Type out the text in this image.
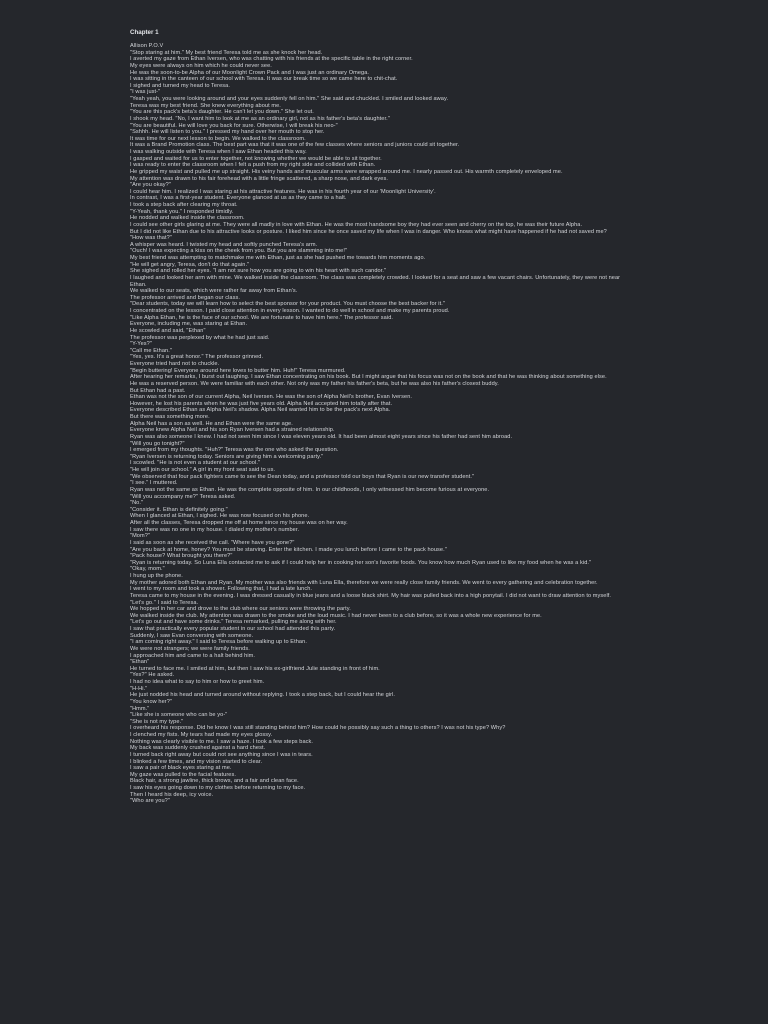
Chapter 1

Allison P.O.V

"Stop staring at him." My best friend Teresa told me as she knock her head.

I averted my gaze from Ethan Iversen, who was chatting with his friends at the specific table in the right corner.

My eyes were always on him which he could never see.

He was the soon-to-be Alpha of our Moonlight Crown Pack and I was just an ordinary Omega.

I was sitting in the canteen of our school with Teresa. It was our break time so we came here to chit-chat.

I sighed and turned my head to Teresa.

"I was just-"

"Yeah yeah, you were looking around and your eyes suddenly fell on him." She said and chuckled. I smiled and looked away.

Teresa was my best friend. She knew everything about me.

"You are this pack's beta's daughter. He can't let you down." She let out.

I shook my head. "No, I want him to look at me as an ordinary girl, not as his father's beta's daughter."

"You are beautiful. He will love you back for sure. Otherwise, I will break his neo-"

"Sshhh. He will listen to you." I pressed my hand over her mouth to stop her.

It was time for our next lesson to begin. We walked to the classroom.

It was a Brand Promotion class. The best part was that it was one of the few classes where seniors and juniors could sit together.

I was walking outside with Teresa when I saw Ethan headed this way.

I gasped and waited for us to enter together, not knowing whether we would be able to sit together.

I was ready to enter the classroom when I felt a push from my right side and collided with Ethan.

He gripped my waist and pulled me up straight. His veiny hands and muscular arms were wrapped around me. I nearly passed out. His warmth completely enveloped me.

My attention was drawn to his fair forehead with a little fringe scattered, a sharp nose, and dark eyes.

"Are you okay?"

I could hear him. I realized I was staring at his attractive features. He was in his fourth year of our 'Moonlight University'.

In contrast, I was a first-year student. Everyone glanced at us as they came to a halt.

I took a step back after clearing my throat.

"Y-Yeah, thank you." I responded timidly.

He nodded and walked inside the classroom.

I could see other girls glaring at me. They were all madly in love with Ethan. He was the most handsome boy they had ever seen and cherry on the top, he was their future Alpha.

But I did not like Ethan due to his attractive looks or posture. I liked him since he once saved my life when I was in danger. Who knows what might have happened if he had not saved me?

"How was that?"

A whisper was heard. I twisted my head and softly punched Teresa's arm.

"Ouch! I was expecting a kiss on the cheek from you. But you are slamming into me!"

My best friend was attempting to matchmake me with Ethan, just as she had pushed me towards him moments ago.

"He will get angry, Teresa, don't do that again."

She sighed and rolled her eyes. "I am not sure how you are going to win his heart with such candor."

I laughed and looked her arm with mine. We walked inside the classroom. The class was completely crowded. I looked for a seat and saw a few vacant chairs. Unfortunately, they were not near Ethan.

We walked to our seats, which were rather far away from Ethan's.

The professor arrived and began our class.

"Dear students, today we will learn how to select the best sponsor for your product. You must choose the best backer for it."

I concentrated on the lesson. I paid close attention in every lesson. I wanted to do well in school and make my parents proud.

"Like Alpha Ethan, he is the face of our school. We are fortunate to have him here." The professor said.

Everyone, including me, was staring at Ethan.

He scowled and said, "Ethan"

The professor was perplexed by what he had just said.

"Y-Yes?"

"Call me Ethan."

"Yes, yes. It's a great honor." The professor grinned.

Everyone tried hard not to chuckle.

"Begin buttering! Everyone around here loves to butter him. Huh!" Teresa murmured.

After hearing her remarks, I burst out laughing. I saw Ethan concentrating on his book. But I might argue that his focus was not on the book and that he was thinking about something else.

He was a reserved person. We were familiar with each other. Not only was my father his father's beta, but he was also his father's closest buddy.

But Ethan had a past.

Ethan was not the son of our current Alpha, Neil Iversen. He was the son of Alpha Neil's brother, Evan Iversen.

However, he lost his parents when he was just five years old. Alpha Neil accepted him totally after that.

Everyone described Ethan as Alpha Neil's shadow. Alpha Neil wanted him to be the pack's next Alpha.

But there was something more.

Alpha Neil has a son as well. He and Ethan were the same age.

Everyone knew Alpha Neil and his son Ryan Iversen had a strained relationship.

Ryan was also someone I knew. I had not seen him since I was eleven years old. It had been almost eight years since his father had sent him abroad.

"Will you go tonight?"

I emerged from my thoughts. "Huh?" Teresa was the one who asked the question.

"Ryan Iversen is returning today. Seniors are giving him a welcoming party."

I scowled. "He is not even a student at our school."

"He will join our school." A girl in my front seat said to us.

"We observed that four pack fighters came to see the Dean today, and a professor told our boys that Ryan is our new transfer student."

"I see." I muttered.

Ryan was not the same as Ethan. He was the complete opposite of him. In our childhoods, I only witnessed him become furious at everyone.

"Will you accompany me?" Teresa asked.

"No."

"Consider it. Ethan is definitely going."

When I glanced at Ethan, I sighed. He was now focused on his phone.

After all the classes, Teresa dropped me off at home since my house was on her way.

I saw there was no one in my house. I dialed my mother's number.

"Mom?"

I said as soon as she received the call. "Where have you gone?"

"Are you back at home, honey? You must be starving. Enter the kitchen. I made you lunch before I came to the pack house."

"Pack house? What brought you there?"

"Ryan is returning today. So Luna Ella contacted me to ask if I could help her in cooking her son's favorite foods. You know how much Ryan used to like my food when he was a kid."

"Okay, mom."

I hung up the phone.

My mother adored both Ethan and Ryan. My mother was also friends with Luna Ella, therefore we were really close family friends. We went to every gathering and celebration together.

I went to my room and took a shower. Following that, I had a late lunch.

Teresa came to my house in the evening. I was dressed casually in blue jeans and a loose black shirt. My hair was pulled back into a high ponytail. I did not want to draw attention to myself.

"Let's go." I said to Teresa.

We hopped in her car and drove to the club where our seniors were throwing the party.

We walked inside the club. My attention was drawn to the smoke and the loud music. I had never been to a club before, so it was a whole new experience for me.

"Let's go out and have some drinks." Teresa remarked, pulling me along with her.

I saw that practically every popular student in our school had attended this party.

Suddenly, I saw Evan conversing with someone.

"I am coming right away." I said to Teresa before walking up to Ethan.

We were not strangers; we were family friends.

I approached him and came to a halt behind him.

"Ethan"

He turned to face me. I smiled at him, but then I saw his ex-girlfriend Julie standing in front of him.

"Yes?" He asked.

I had no idea what to say to him or how to greet him.

"H-Hi."

He just nodded his head and turned around without replying. I took a step back, but I could hear the girl.

"You know her?"

"Hmm."

"Like she is someone who can be yo-"

"She is not my type."

I overheard his response. Did he know I was still standing behind him? How could he possibly say such a thing to others? I was not his type? Why?

I clenched my fists. My tears had made my eyes glossy.

Nothing was clearly visible to me. I saw a haze. I took a few steps back.

My back was suddenly crushed against a hard chest.

I turned back right away but could not see anything since I was in tears.

I blinked a few times, and my vision started to clear.

I saw a pair of black eyes staring at me.

My gaze was pulled to the facial features.

Black hair, a strong jawline, thick brows, and a fair and clean face.

I saw his eyes going down to my clothes before returning to my face.

Then I heard his deep, icy voice.

"Who are you?"
